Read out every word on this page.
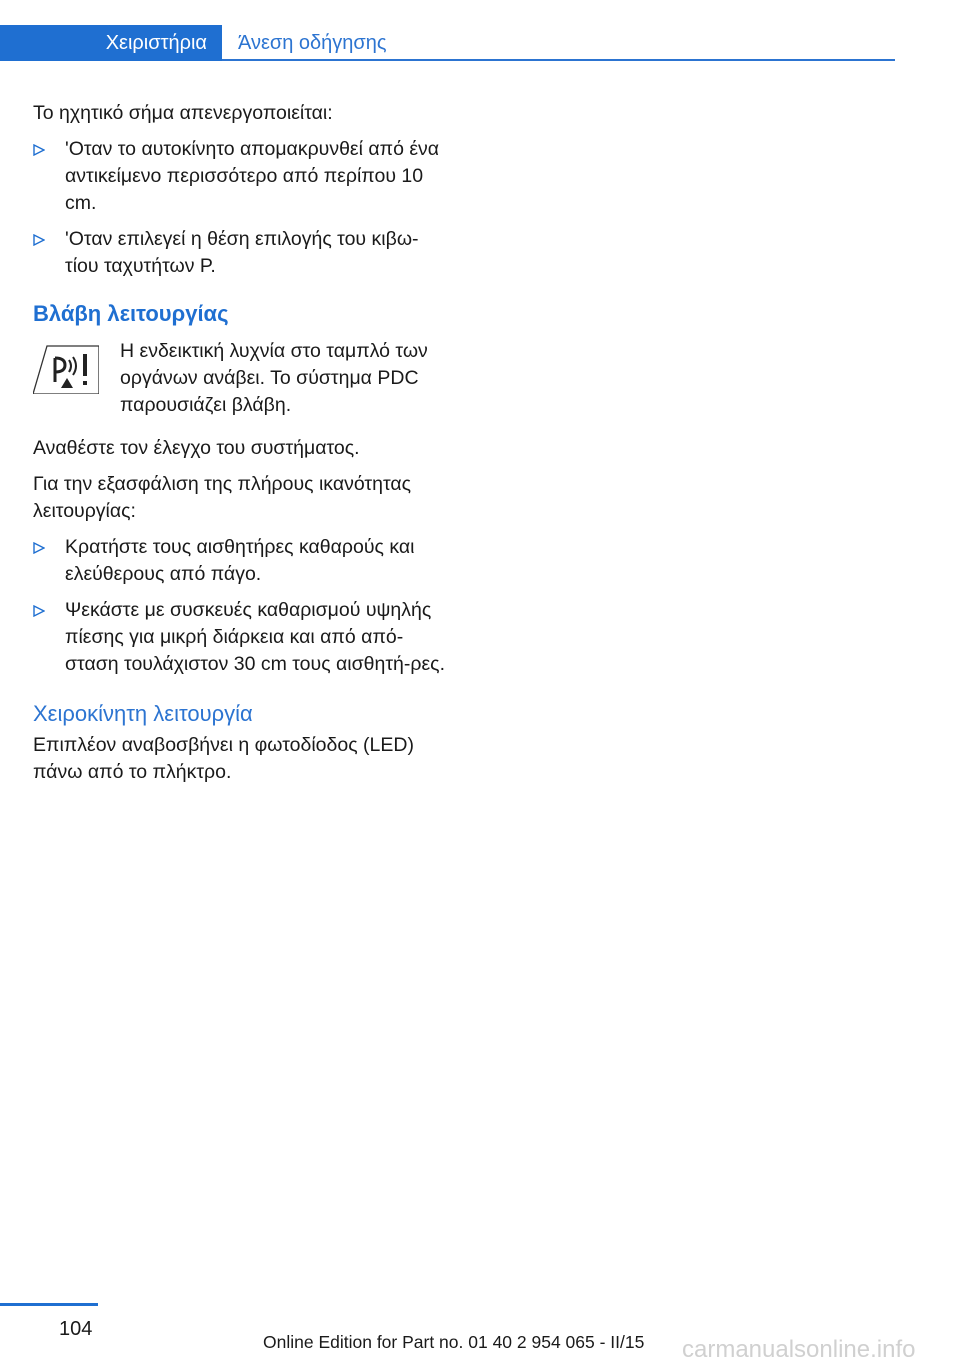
Χειριστήρια	Άνεση οδήγησης

Το ηχητικό σήμα απενεργοποιείται:

'Οταν το αυτοκίνητο απομακρυνθεί από ένα αντικείμενο περισσότερο από περίπου 10 cm.
'Οταν επιλεγεί η θέση επιλογής του κιβω‐τίου ταχυτήτων P.
Βλάβη λειτουργίας
Η ενδεικτική λυχνία στο ταμπλό των οργάνων ανάβει. Το σύστημα PDC παρουσιάζει βλάβη.

Αναθέστε τον έλεγχο του συστήματος.

Για την εξασφάλιση της πλήρους ικανότητας λειτουργίας:

Κρατήστε τους αισθητήρες καθαρούς και ελεύθερους από πάγο.
Ψεκάστε με συσκευές καθαρισμού υψηλής πίεσης για μικρή διάρκεια και από από‐σταση τουλάχιστον 30 cm τους αισθητή‐ρες.
Χειροκίνητη λειτουργία

Επιπλέον αναβοσβήνει η φωτοδίοδος (LED) πάνω από το πλήκτρο.

104
Online Edition for Part no. 01 40 2 954 065 - II/15 carmanualsonline.info
